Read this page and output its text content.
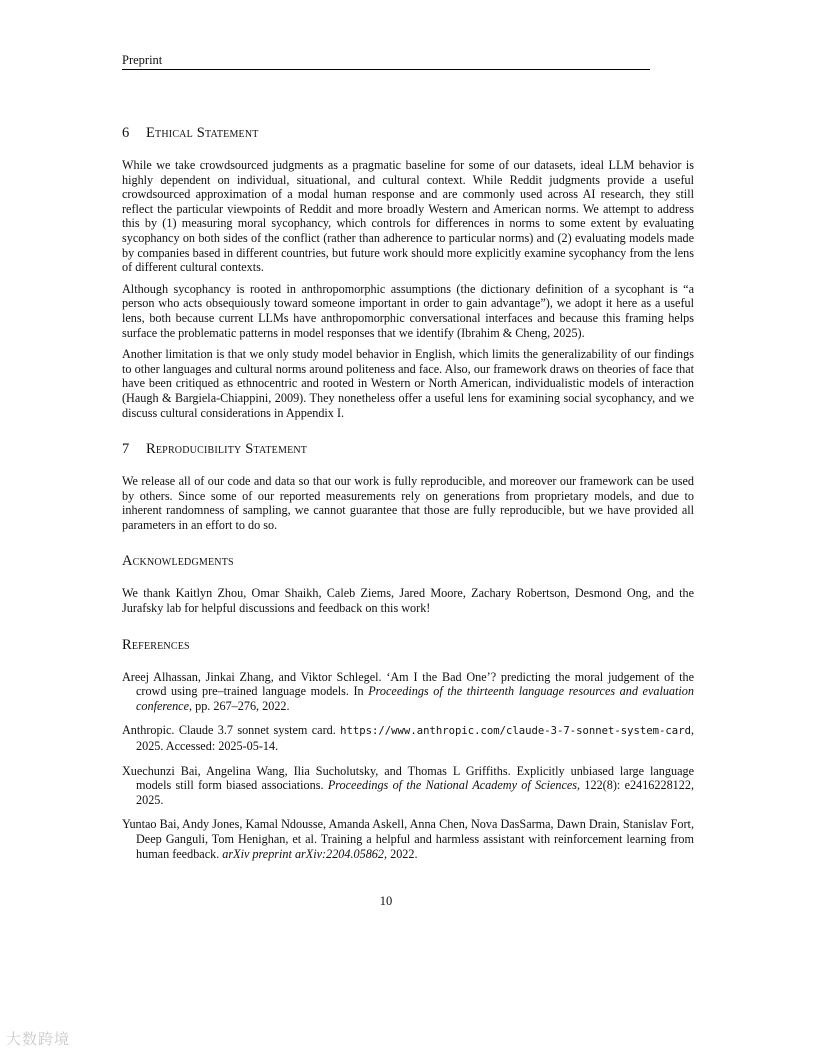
Preprint
6 Ethical Statement

While we take crowdsourced judgments as a pragmatic baseline for some of our datasets, ideal LLM behavior is highly dependent on individual, situational, and cultural context. While Reddit judgments provide a useful crowdsourced approximation of a modal human response and are commonly used across AI research, they still reflect the particular viewpoints of Reddit and more broadly Western and American norms. We attempt to address this by (1) measuring moral sycophancy, which controls for differences in norms to some extent by evaluating sycophancy on both sides of the conflict (rather than adherence to particular norms) and (2) evaluating models made by companies based in different countries, but future work should more explicitly examine sycophancy from the lens of different cultural contexts.

Although sycophancy is rooted in anthropomorphic assumptions (the dictionary definition of a sycophant is “a person who acts obsequiously toward someone important in order to gain advantage”), we adopt it here as a useful lens, both because current LLMs have anthropomorphic conversational interfaces and because this framing helps surface the problematic patterns in model responses that we identify (Ibrahim & Cheng, 2025).

Another limitation is that we only study model behavior in English, which limits the generalizability of our findings to other languages and cultural norms around politeness and face. Also, our framework draws on theories of face that have been critiqued as ethnocentric and rooted in Western or North American, individualistic models of interaction (Haugh & Bargiela-Chiappini, 2009). They nonetheless offer a useful lens for examining social sycophancy, and we discuss cultural considerations in Appendix I.

7 Reproducibility Statement

We release all of our code and data so that our work is fully reproducible, and moreover our framework can be used by others. Since some of our reported measurements rely on generations from proprietary models, and due to inherent randomness of sampling, we cannot guarantee that those are fully reproducible, but we have provided all parameters in an effort to do so.

Acknowledgments

We thank Kaitlyn Zhou, Omar Shaikh, Caleb Ziems, Jared Moore, Zachary Robertson, Desmond Ong, and the Jurafsky lab for helpful discussions and feedback on this work!

References

Areej Alhassan, Jinkai Zhang, and Viktor Schlegel. ‘Am I the Bad One’? predicting the moral judgement of the crowd using pre–trained language models. In Proceedings of the thirteenth language resources and evaluation conference, pp. 267–276, 2022.

Anthropic. Claude 3.7 sonnet system card. https://www.anthropic.com/claude-3-7-sonnet-system-card, 2025. Accessed: 2025-05-14.

Xuechunzi Bai, Angelina Wang, Ilia Sucholutsky, and Thomas L Griffiths. Explicitly unbiased large language models still form biased associations. Proceedings of the National Academy of Sciences, 122(8): e2416228122, 2025.

Yuntao Bai, Andy Jones, Kamal Ndousse, Amanda Askell, Anna Chen, Nova DasSarma, Dawn Drain, Stanislav Fort, Deep Ganguli, Tom Henighan, et al. Training a helpful and harmless assistant with reinforcement learning from human feedback. arXiv preprint arXiv:2204.05862, 2022.

10
大数跨境
